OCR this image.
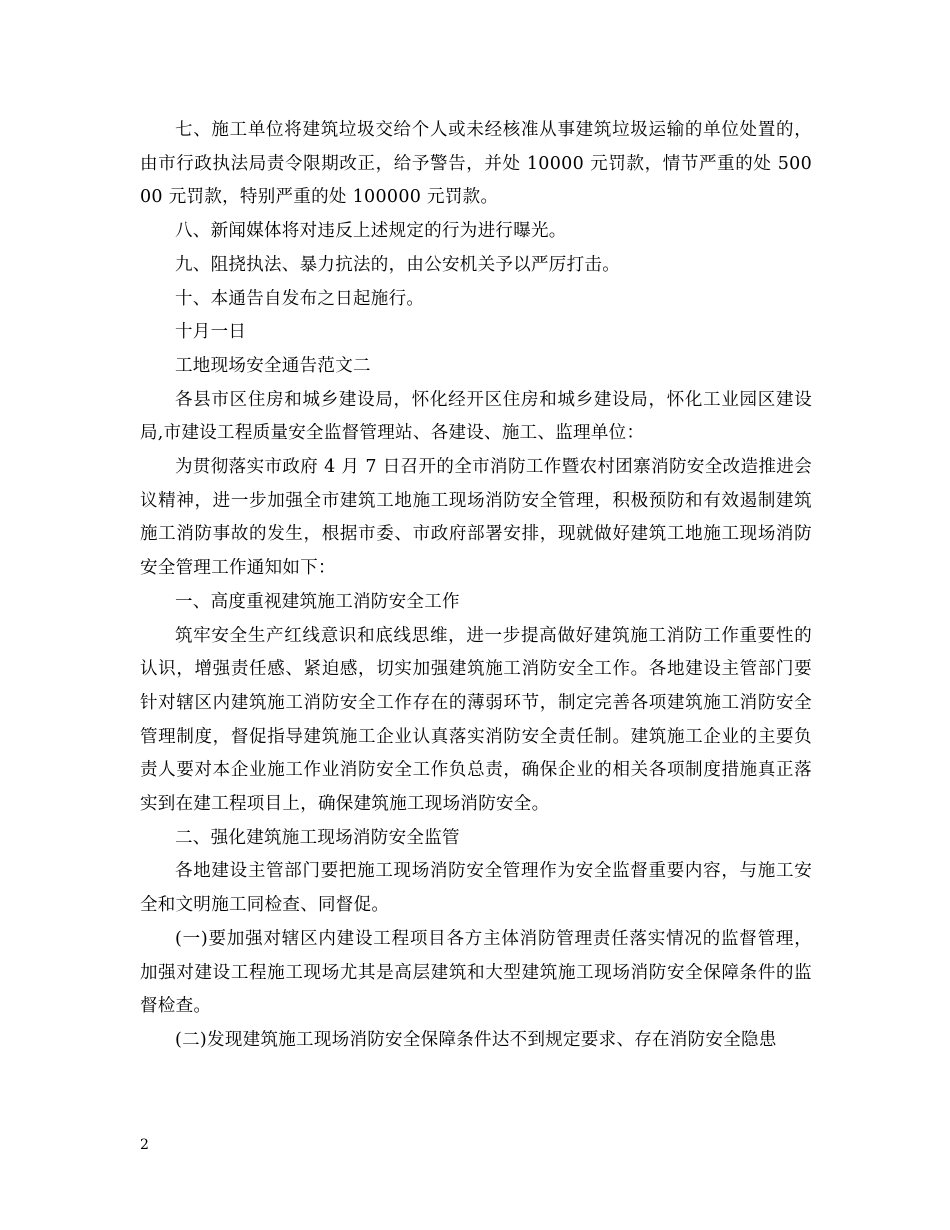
七、施工单位将建筑垃圾交给个人或未经核准从事建筑垃圾运输的单位处置的，由市行政执法局责令限期改正，给予警告，并处 10000 元罚款，情节严重的处 50000 元罚款，特别严重的处 100000 元罚款。

八、新闻媒体将对违反上述规定的行为进行曝光。

九、阻挠执法、暴力抗法的，由公安机关予以严厉打击。

十、本通告自发布之日起施行。

十月一日

工地现场安全通告范文二

各县市区住房和城乡建设局，怀化经开区住房和城乡建设局，怀化工业园区建设局,市建设工程质量安全监督管理站、各建设、施工、监理单位：

为贯彻落实市政府 4 月 7 日召开的全市消防工作暨农村团寨消防安全改造推进会议精神，进一步加强全市建筑工地施工现场消防安全管理，积极预防和有效遏制建筑施工消防事故的发生，根据市委、市政府部署安排，现就做好建筑工地施工现场消防安全管理工作通知如下：

一、高度重视建筑施工消防安全工作

筑牢安全生产红线意识和底线思维，进一步提高做好建筑施工消防工作重要性的认识，增强责任感、紧迫感，切实加强建筑施工消防安全工作。各地建设主管部门要针对辖区内建筑施工消防安全工作存在的薄弱环节，制定完善各项建筑施工消防安全管理制度，督促指导建筑施工企业认真落实消防安全责任制。建筑施工企业的主要负责人要对本企业施工作业消防安全工作负总责，确保企业的相关各项制度措施真正落实到在建工程项目上，确保建筑施工现场消防安全。

二、强化建筑施工现场消防安全监管

各地建设主管部门要把施工现场消防安全管理作为安全监督重要内容，与施工安全和文明施工同检查、同督促。

(一)要加强对辖区内建设工程项目各方主体消防管理责任落实情况的监督管理，加强对建设工程施工现场尤其是高层建筑和大型建筑施工现场消防安全保障条件的监督检查。

(二)发现建筑施工现场消防安全保障条件达不到规定要求、存在消防安全隐患

2
